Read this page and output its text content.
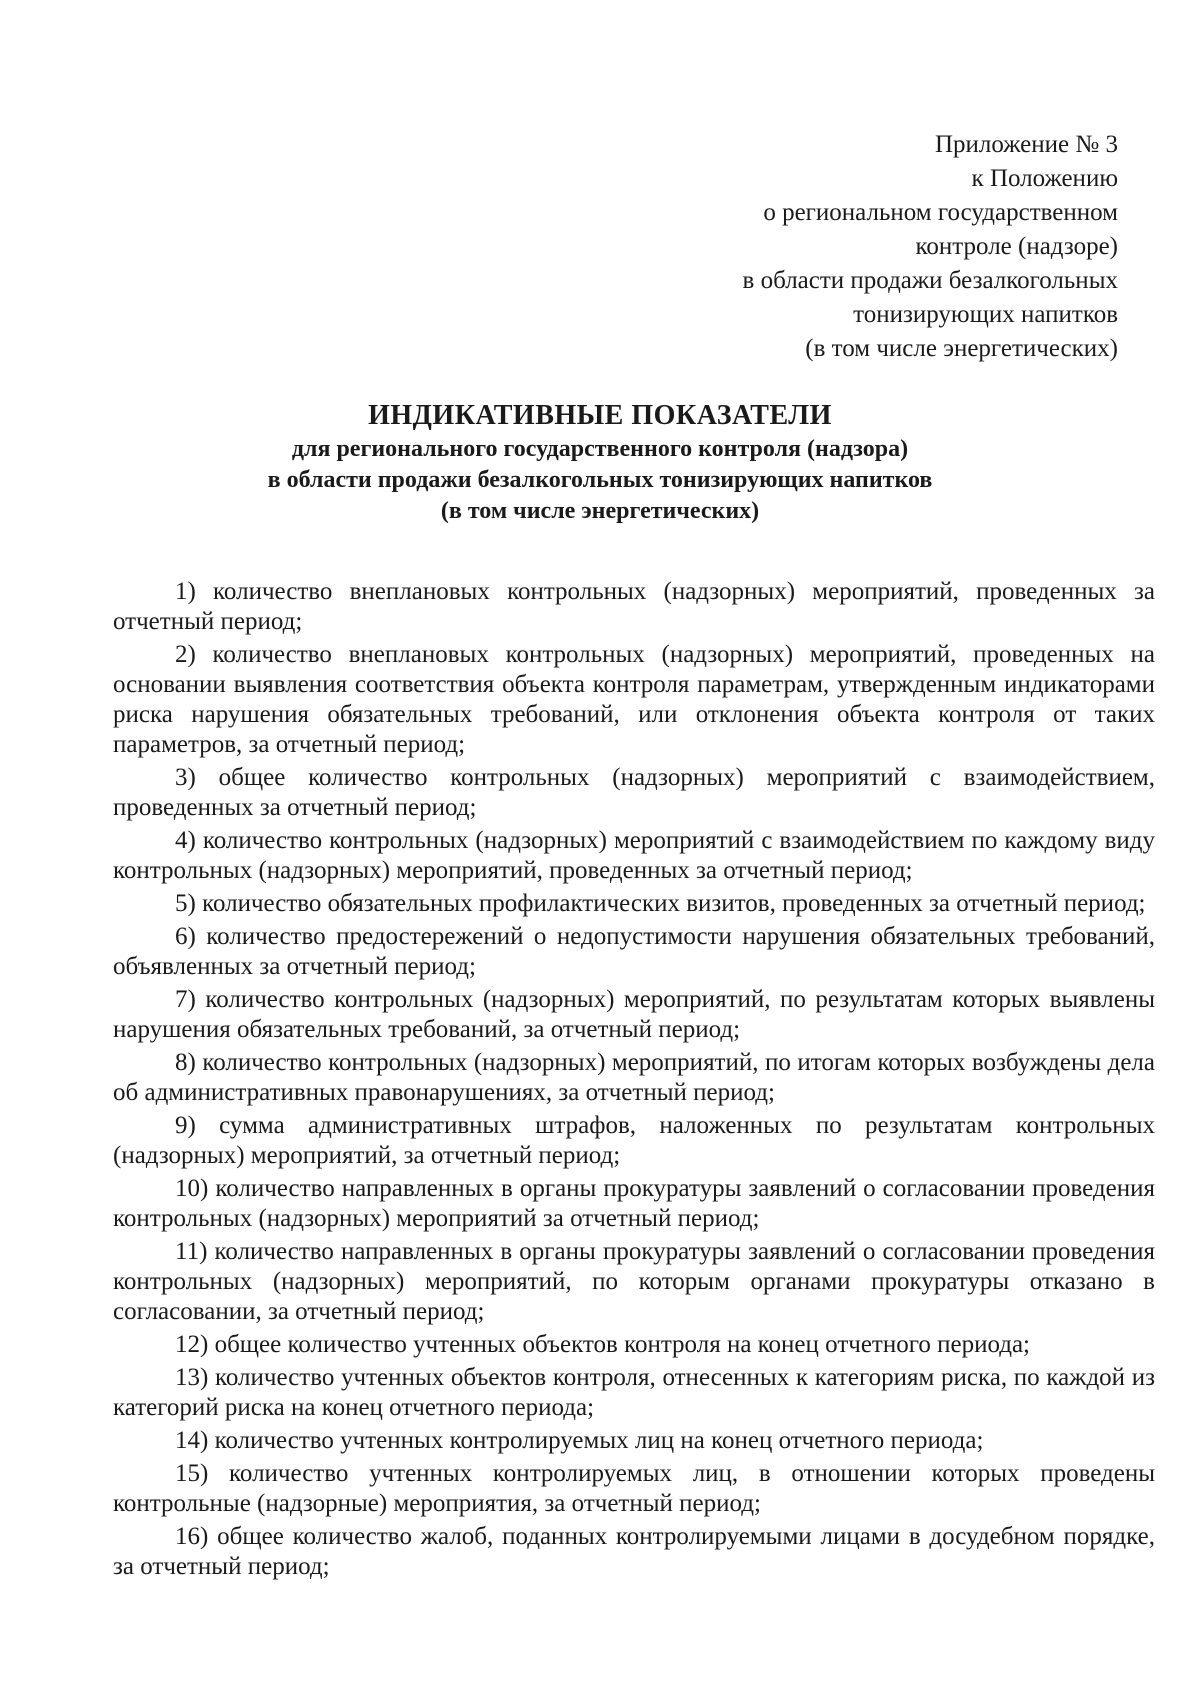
Приложение № 3
к Положению
о региональном государственном
контроле (надзоре)
в области продажи безалкогольных
тонизирующих напитков
(в том числе энергетических)
ИНДИКАТИВНЫЕ ПОКАЗАТЕЛИ
для регионального государственного контроля (надзора)
в области продажи безалкогольных тонизирующих напитков
(в том числе энергетических)

1) количество внеплановых контрольных (надзорных) мероприятий, проведенных за отчетный период;

2) количество внеплановых контрольных (надзорных) мероприятий, проведенных на основании выявления соответствия объекта контроля параметрам, утвержденным индикаторами риска нарушения обязательных требований, или отклонения объекта контроля от таких параметров, за отчетный период;

3) общее количество контрольных (надзорных) мероприятий с взаимодействием, проведенных за отчетный период;

4) количество контрольных (надзорных) мероприятий с взаимодействием по каждому виду контрольных (надзорных) мероприятий, проведенных за отчетный период;

5) количество обязательных профилактических визитов, проведенных за отчетный период;

6) количество предостережений о недопустимости нарушения обязательных требований, объявленных за отчетный период;

7) количество контрольных (надзорных) мероприятий, по результатам которых выявлены нарушения обязательных требований, за отчетный период;

8) количество контрольных (надзорных) мероприятий, по итогам которых возбуждены дела об административных правонарушениях, за отчетный период;

9) сумма административных штрафов, наложенных по результатам контрольных (надзорных) мероприятий, за отчетный период;

10) количество направленных в органы прокуратуры заявлений о согласовании проведения контрольных (надзорных) мероприятий за отчетный период;

11) количество направленных в органы прокуратуры заявлений о согласовании проведения контрольных (надзорных) мероприятий, по которым органами прокуратуры отказано в согласовании, за отчетный период;

12) общее количество учтенных объектов контроля на конец отчетного периода;

13) количество учтенных объектов контроля, отнесенных к категориям риска, по каждой из категорий риска на конец отчетного периода;

14) количество учтенных контролируемых лиц на конец отчетного периода;

15) количество учтенных контролируемых лиц, в отношении которых проведены контрольные (надзорные) мероприятия, за отчетный период;

16) общее количество жалоб, поданных контролируемыми лицами в досудебном порядке, за отчетный период;
